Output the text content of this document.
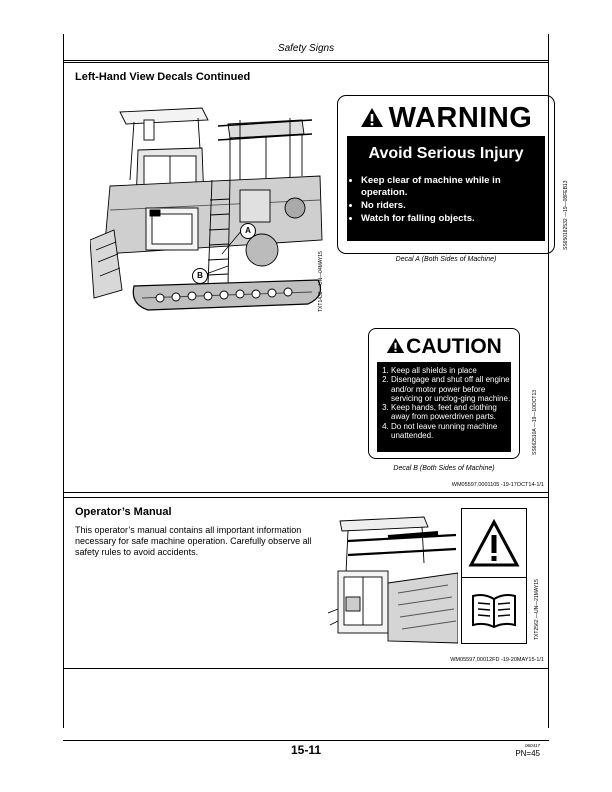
Safety Signs
Left-Hand View Decals Continued
A
B	TXT1438 —UN—04MAY15
WARNING
Avoid Serious Injury
• Keep clear of machine while in operation.
• No riders.
• Watch for falling objects.	SS650182532 —19—08FEB13
Decal A (Both Sides of Machine)
CAUTION
1. Keep all shields in place
2. Disengage and shut off all engine and/or motor power before servicing or unclog-ging machine.
3. Keep hands, feet and clothing away from powerdriven parts.
4. Do not leave running machine unattended.	SS662510A —19—10OCT13
Decal B (Both Sides of Machine)
WM05597,0001105 -19-17OCT14-1/1
Operator’s Manual
This operator’s manual contains all important information necessary for safe machine operation. Carefully observe all safety rules to avoid accidents.
TXT2562 —UN—21MAY15
WM05597,00012FD -19-20MAY15-1/1
15-11	060417
PN=45
